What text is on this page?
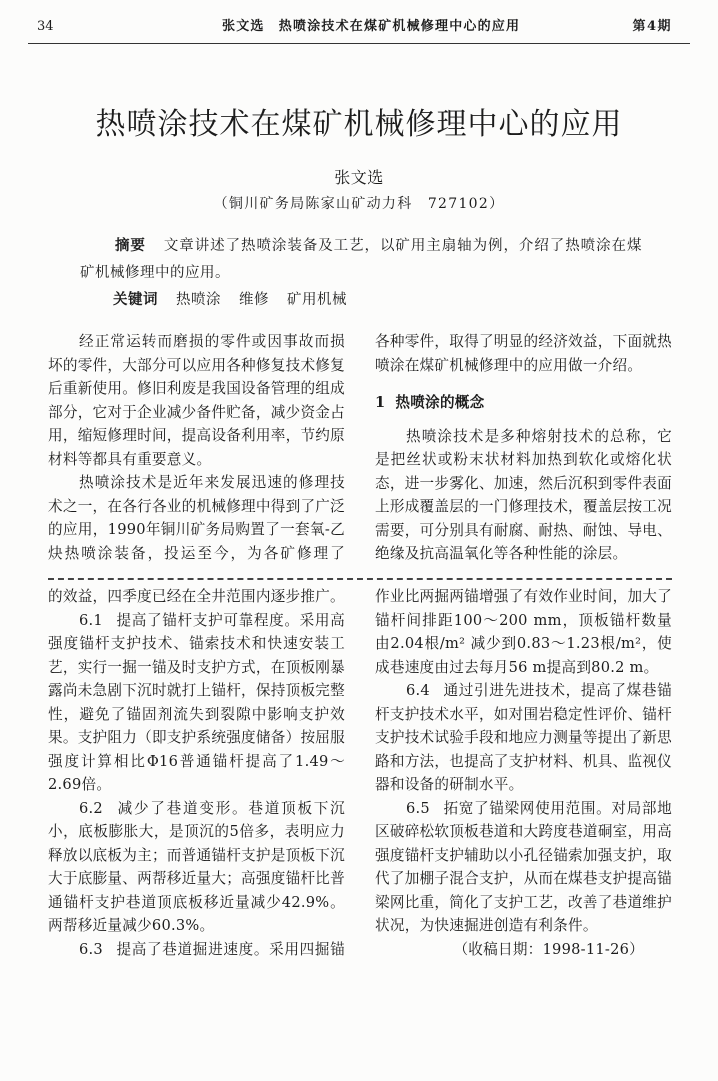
34	张文选　热喷涂技术在煤矿机械修理中心的应用	第4期
热喷涂技术在煤矿机械修理中心的应用
张文选
（铜川矿务局陈家山矿动力科　727102）
摘要 文章讲述了热喷涂装备及工艺，以矿用主扇轴为例，介绍了热喷涂在煤矿机械修理中的应用。
关键词 热喷涂 维修 矿用机械

经正常运转而磨损的零件或因事故而损坏的零件，大部分可以应用各种修复技术修复后重新使用。修旧利废是我国设备管理的组成部分，它对于企业减少备件贮备，减少资金占用，缩短修理时间，提高设备利用率，节约原材料等都具有重要意义。

热喷涂技术是近年来发展迅速的修理技术之一，在各行各业的机械修理中得到了广泛的应用，1990年铜川矿务局购置了一套氧-乙炔热喷涂装备，投运至今，为各矿修理了

各种零件，取得了明显的经济效益，下面就热喷涂在煤矿机械修理中的应用做一介绍。

1 热喷涂的概念

热喷涂技术是多种熔射技术的总称，它是把丝状或粉末状材料加热到软化或熔化状态，进一步雾化、加速，然后沉积到零件表面上形成覆盖层的一门修理技术，覆盖层按工况需要，可分别具有耐腐、耐热、耐蚀、导电、绝缘及抗高温氧化等各种性能的涂层。

的效益，四季度已经在全井范围内逐步推广。

6.1 提高了锚杆支护可靠程度。采用高强度锚杆支护技术、锚索技术和快速安装工艺，实行一掘一锚及时支护方式，在顶板刚暴露尚未急剧下沉时就打上锚杆，保持顶板完整性，避免了锚固剂流失到裂隙中影响支护效果。支护阻力（即支护系统强度储备）按屈服强度计算相比Φ16普通锚杆提高了1.49～2.69倍。

6.2 减少了巷道变形。巷道顶板下沉小，底板膨胀大，是顶沉的5倍多，表明应力释放以底板为主；而普通锚杆支护是顶板下沉大于底膨量、两帮移近量大；高强度锚杆比普通锚杆支护巷道顶底板移近量减少42.9%。两帮移近量减少60.3%。

6.3 提高了巷道掘进速度。采用四掘锚

作业比两掘两锚增强了有效作业时间，加大了锚杆间排距100～200 mm，顶板锚杆数量由2.04根/m² 减少到0.83～1.23根/m²，使成巷速度由过去每月56 m提高到80.2 m。

6.4 通过引进先进技术，提高了煤巷锚杆支护技术水平，如对围岩稳定性评价、锚杆支护技术试验手段和地应力测量等提出了新思路和方法，也提高了支护材料、机具、监视仪器和设备的研制水平。

6.5 拓宽了锚梁网使用范围。对局部地区破碎松软顶板巷道和大跨度巷道硐室，用高强度锚杆支护辅助以小孔径锚索加强支护，取代了加棚子混合支护，从而在煤巷支护提高锚梁网比重，简化了支护工艺，改善了巷道维护状况，为快速掘进创造有利条件。

（收稿日期：1998-11-26）
